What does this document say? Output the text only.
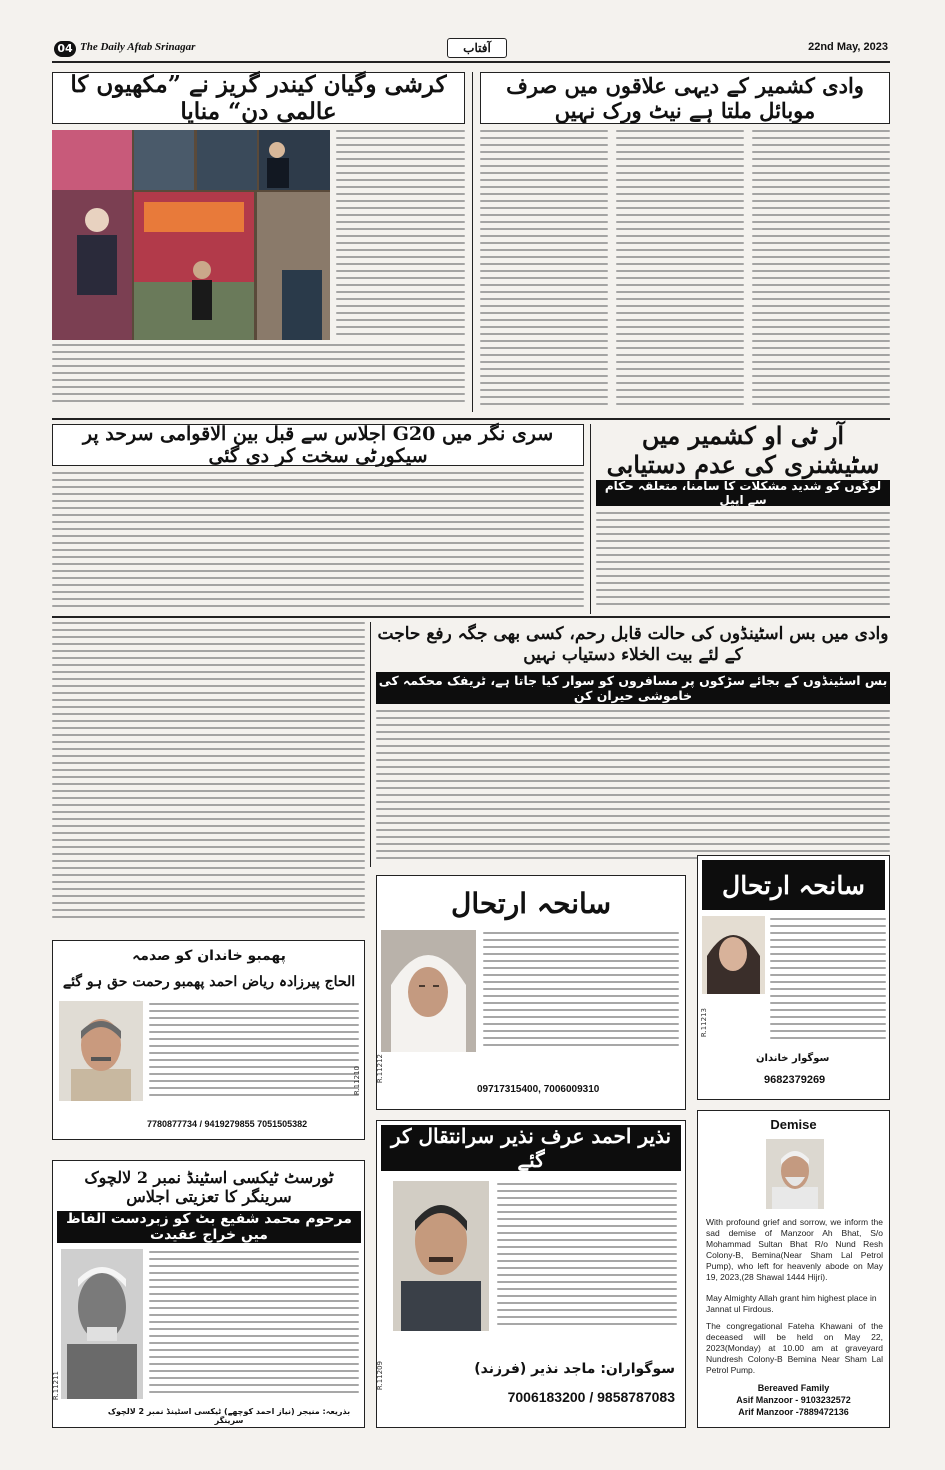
04 The Daily Aftab Srinagar	آفتاب	22nd May, 2023
کرشی وگیان کیندر گریز نے ”مکھیوں کا عالمی دن“ منایا
وادی کشمیر کے دیہی علاقوں میں صرف موبائل ملتا ہے نیٹ ورک نہیں
سری نگر میں G20 اجلاس سے قبل بین الاقوامی سرحد پر سیکورٹی سخت کر دی گئی
آر ٹی او کشمیر میں سٹیشنری کی عدم دستیابی
لوگوں کو شدید مشکلات کا سامنا، متعلقہ حکام سے اپیل
وادی میں بس اسٹینڈوں کی حالت قابل رحم، کسی بھی جگہ رفع حاجت کے لئے بیت الخلاء دستیاب نہیں
بس اسٹینڈوں کے بجائے سڑکوں پر مسافروں کو سوار کیا جاتا ہے، ٹریفک محکمہ کی خاموشی حیران کن
سانحہ ارتحال
09717315400, 7006009310
R.11212
سانحہ ارتحال
سوگوار خاندان
9682379269
R.11213
پھمبو خاندان کو صدمہ
الحاج پیرزادہ ریاض احمد پھمبو رحمت حق ہو گئے
7780877734 / 9419279855 7051505382
R.11210
ٹورسٹ ٹیکسی اسٹینڈ نمبر 2 لالچوک سرینگر کا تعزیتی اجلاس
مرحوم محمد شفیع بٹ کو زبردست الفاظ میں خراج عقیدت
بذریعہ: منیجر (نیاز احمد کوچھے) ٹیکسی اسٹینڈ نمبر 2 لالچوک سرینگر
R.11211
نذیر احمد عرف نذیر سرانتقال کر گئے
سوگواران: ماجد نذیر (فرزند)
7006183200 / 9858787083
R.11209
Demise
With profound grief and sorrow, we inform the sad demise of Manzoor Ah Bhat, S/o Mohammad Sultan Bhat R/o Nund Resh Colony-B, Bemina(Near Sham Lal Petrol Pump), who left for heavenly abode on May 19, 2023,(28 Shawal 1444 Hijri).
May Almighty Allah grant him highest place in Jannat ul Firdous.
The congregational Fateha Khawani of the deceased will be held on May 22, 2023(Monday) at 10.00 am at graveyard Nundresh Colony-B Bemina Near Sham Lal Petrol Pump.
Bereaved Family
Asif Manzoor - 9103232572
Arif Manzoor -7889472136
